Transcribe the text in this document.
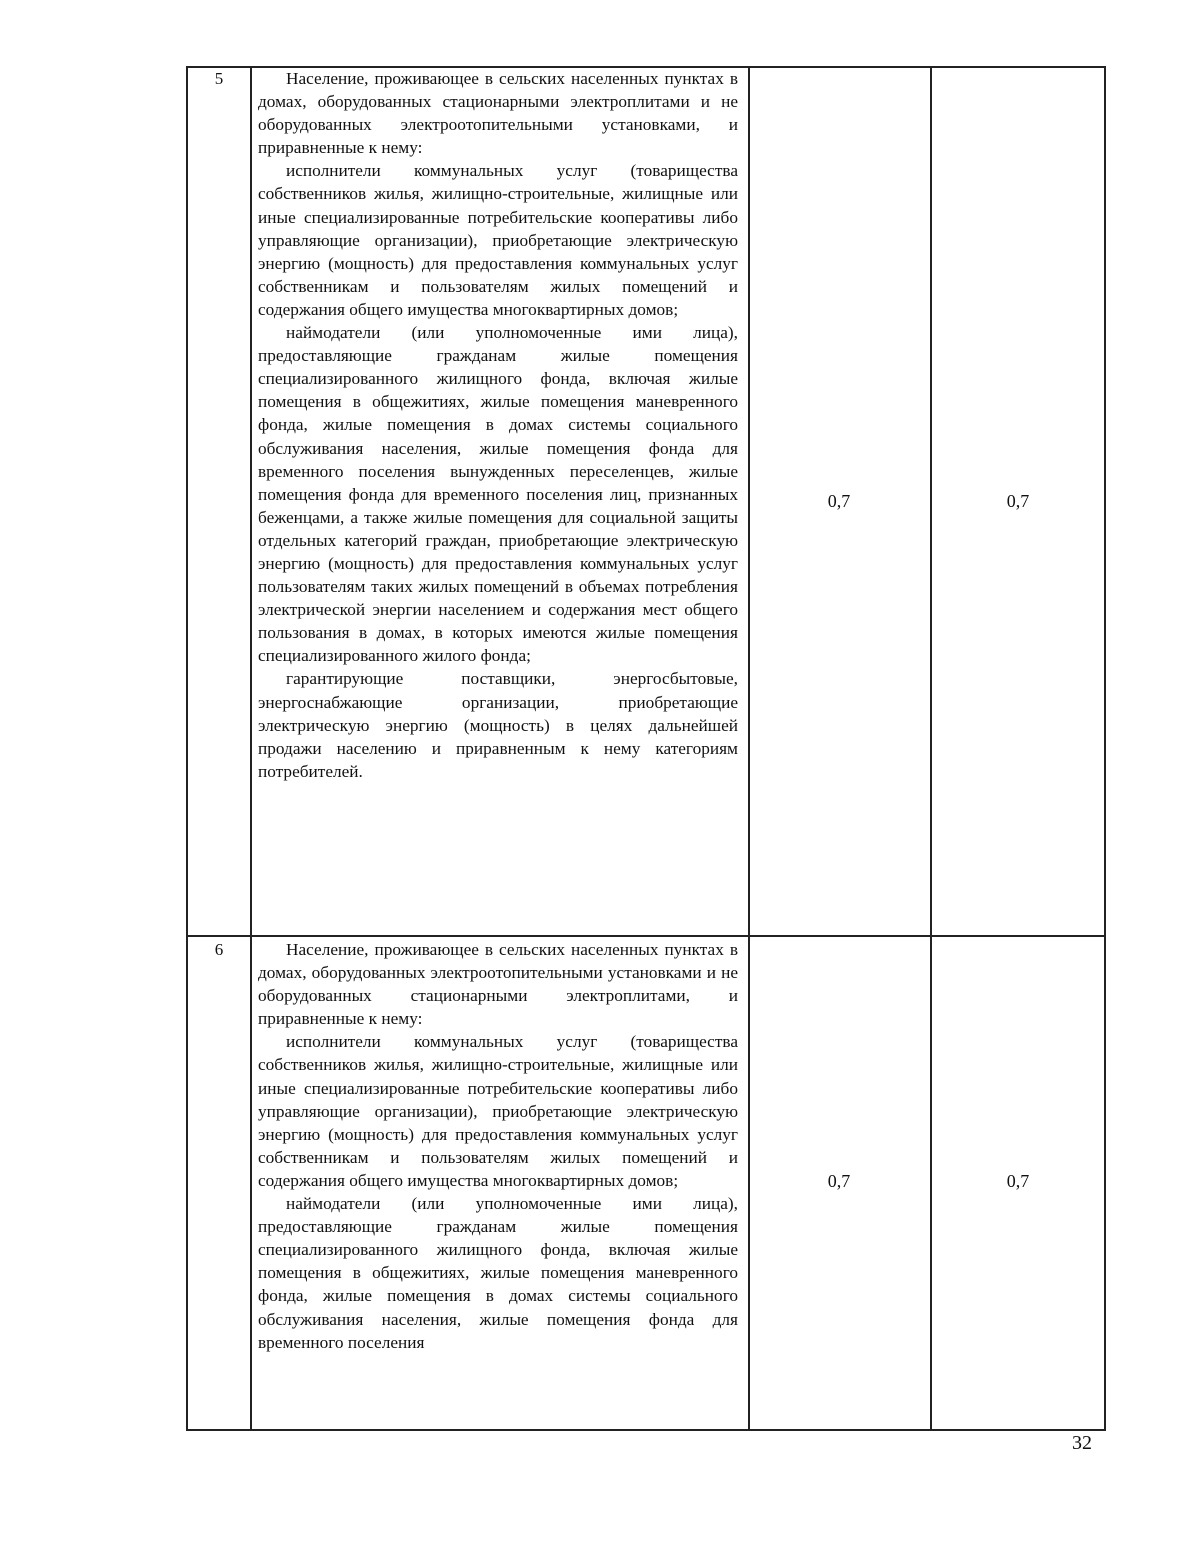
5	Население, проживающее в сельских населенных пунктах в домах, оборудованных стационарными электроплитами и не оборудованных электроотопительными установками, и приравненные к нему:

исполнители коммунальных услуг (товарищества собственников жилья, жилищно-строительные, жилищные или иные специализированные потребительские кооперативы либо управляющие организации), приобретающие электрическую энергию (мощность) для предоставления коммунальных услуг собственникам и пользователям жилых помещений и содержания общего имущества многоквартирных домов;

наймодатели (или уполномоченные ими лица), предоставляющие гражданам жилые помещения специализированного жилищного фонда, включая жилые помещения в общежитиях, жилые помещения маневренного фонда, жилые помещения в домах системы социального обслуживания населения, жилые помещения фонда для временного поселения вынужденных переселенцев, жилые помещения фонда для временного поселения лиц, признанных беженцами, а также жилые помещения для социальной защиты отдельных категорий граждан, приобретающие электрическую энергию (мощность) для предоставления коммунальных услуг пользователям таких жилых помещений в объемах потребления электрической энергии населением и содержания мест общего пользования в домах, в которых имеются жилые помещения специализированного жилого фонда;

гарантирующие поставщики, энергосбытовые, энергоснабжающие организации, приобретающие электрическую энергию (мощность) в целях дальнейшей продажи населению и приравненным к нему категориям потребителей.

0,7	0,7
6	Население, проживающее в сельских населенных пунктах в домах, оборудованных электроотопительными установками и не оборудованных стационарными электроплитами, и приравненные к нему:

исполнители коммунальных услуг (товарищества собственников жилья, жилищно-строительные, жилищные или иные специализированные потребительские кооперативы либо управляющие организации), приобретающие электрическую энергию (мощность) для предоставления коммунальных услуг собственникам и пользователям жилых помещений и содержания общего имущества многоквартирных домов;

наймодатели (или уполномоченные ими лица), предоставляющие гражданам жилые помещения специализированного жилищного фонда, включая жилые помещения в общежитиях, жилые помещения маневренного фонда, жилые помещения в домах системы социального обслуживания населения, жилые помещения фонда для временного поселения

0,7	0,7
32
